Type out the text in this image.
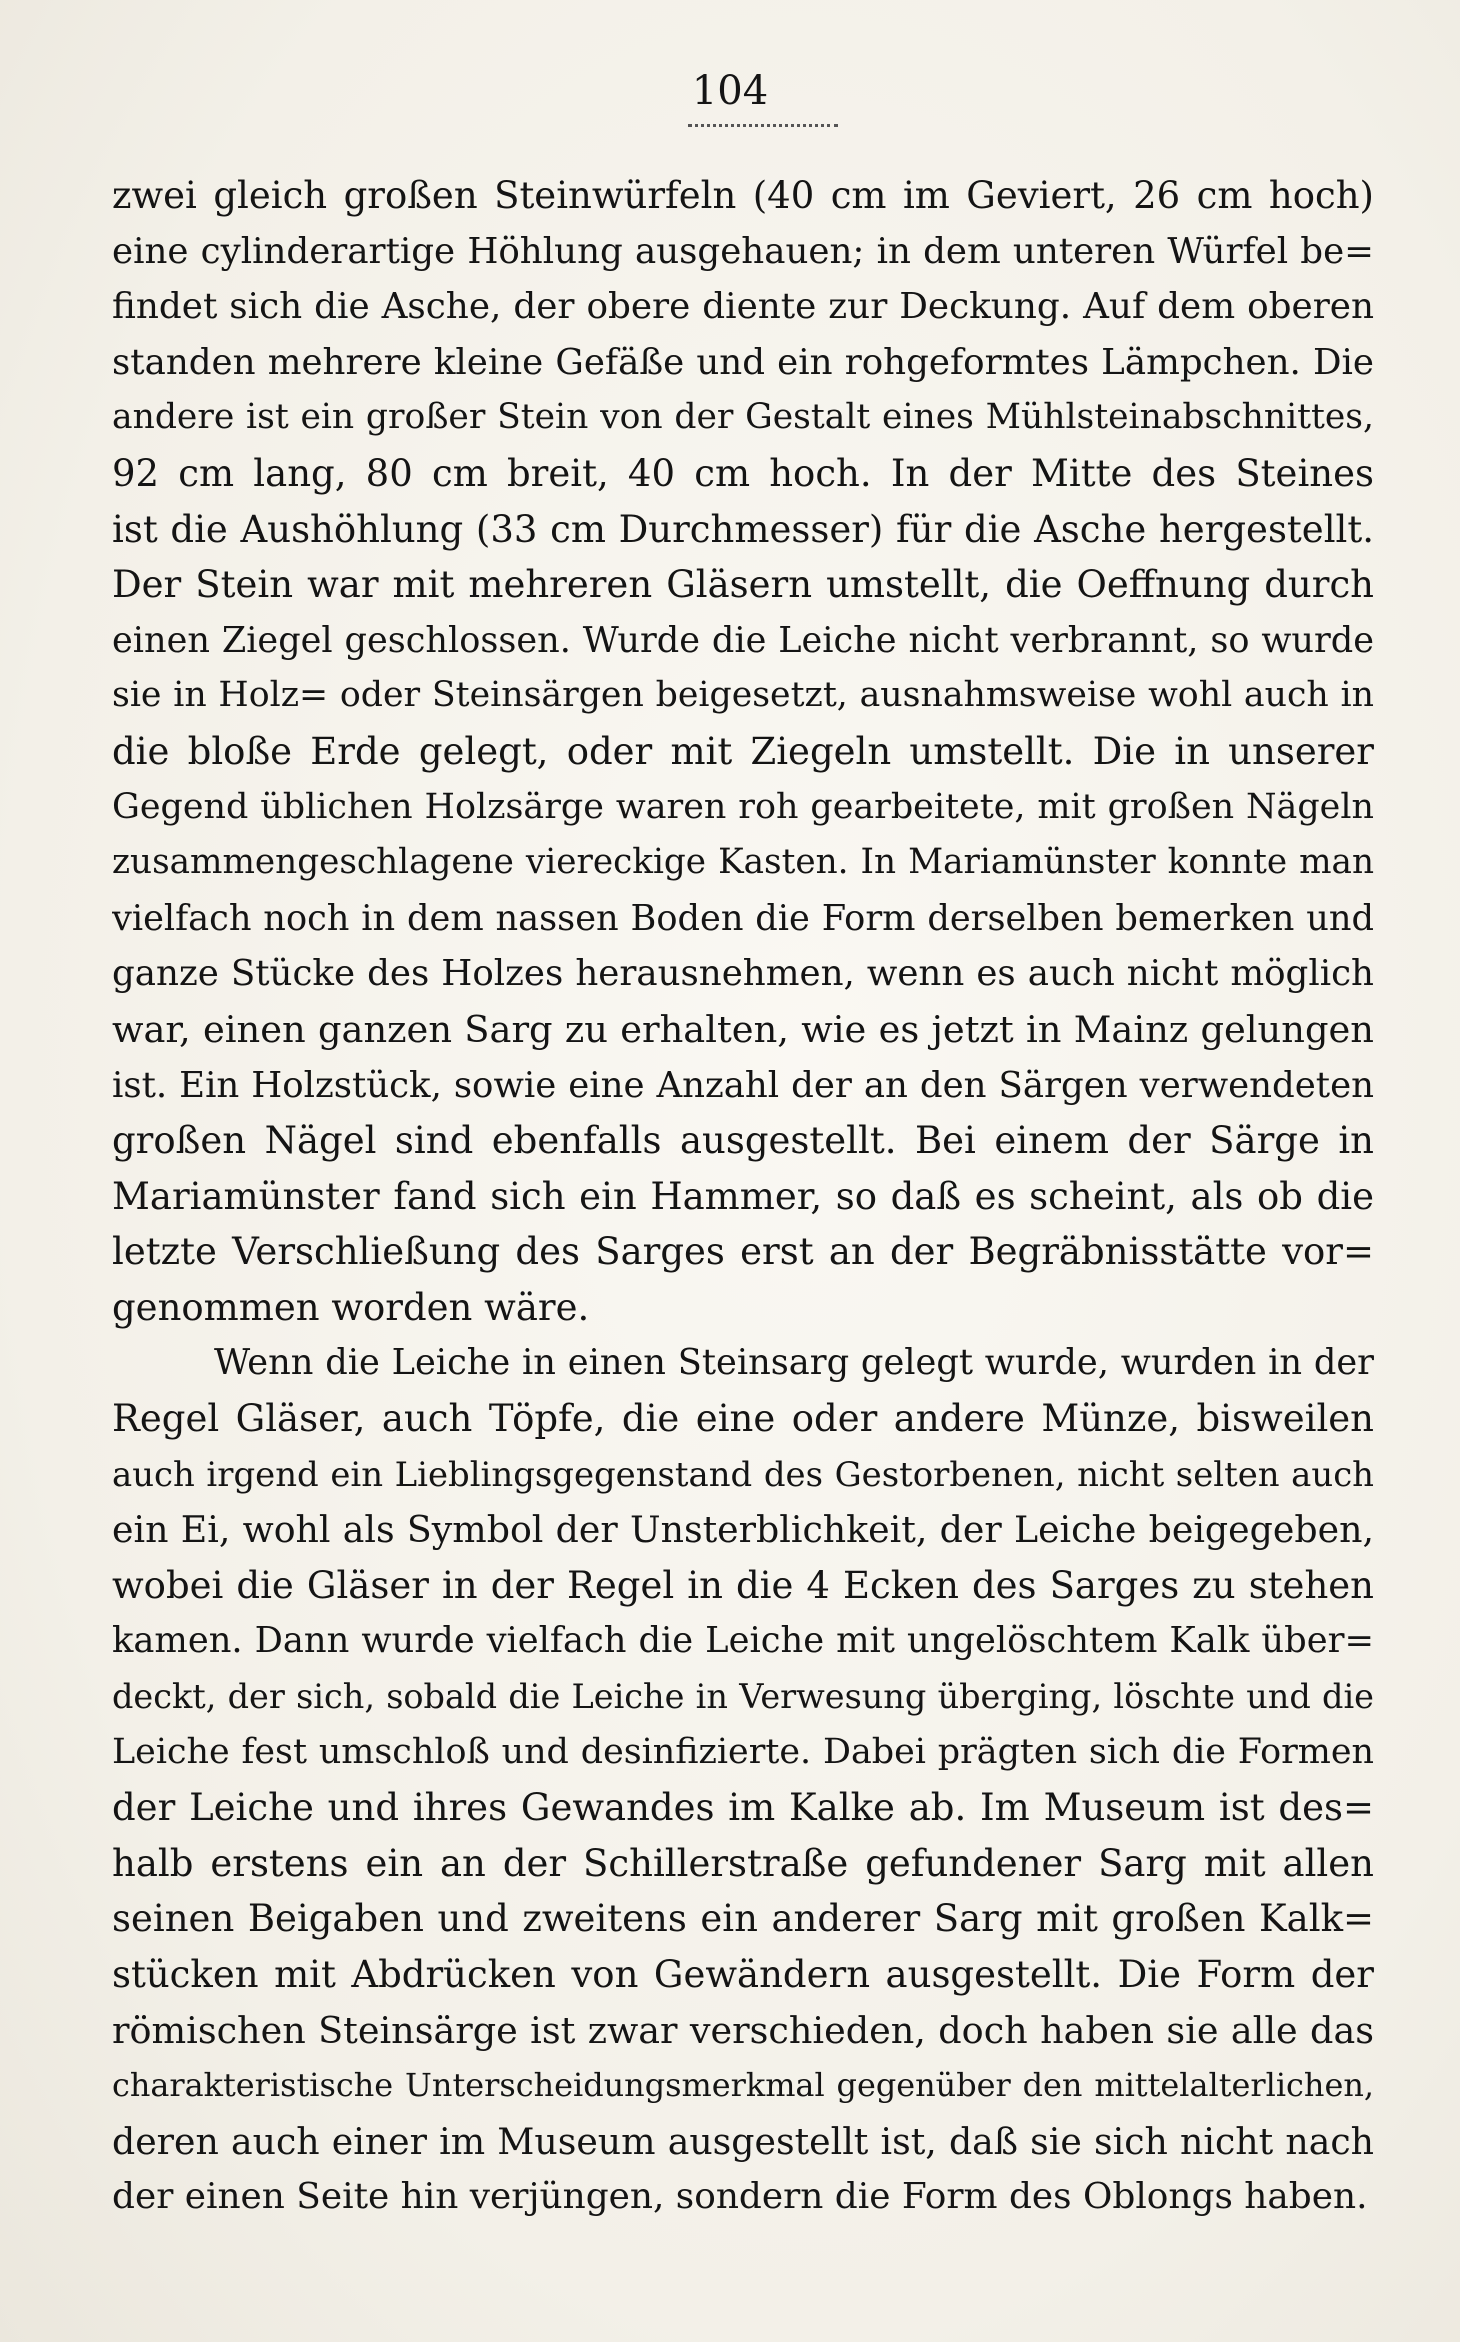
104
zwei gleich großen Steinwürfeln (40 cm im Geviert, 26 cm hoch)
eine cylinderartige Höhlung ausgehauen; in dem unteren Würfel be=
findet sich die Asche, der obere diente zur Deckung. Auf dem oberen
standen mehrere kleine Gefäße und ein rohgeformtes Lämpchen. Die
andere ist ein großer Stein von der Gestalt eines Mühlsteinabschnittes,
92 cm lang, 80 cm breit, 40 cm hoch. In der Mitte des Steines
ist die Aushöhlung (33 cm Durchmesser) für die Asche hergestellt.
Der Stein war mit mehreren Gläsern umstellt, die Oeffnung durch
einen Ziegel geschlossen. Wurde die Leiche nicht verbrannt, so wurde
sie in Holz= oder Steinsärgen beigesetzt, ausnahmsweise wohl auch in
die bloße Erde gelegt, oder mit Ziegeln umstellt. Die in unserer
Gegend üblichen Holzsärge waren roh gearbeitete, mit großen Nägeln
zusammengeschlagene viereckige Kasten. In Mariamünster konnte man
vielfach noch in dem nassen Boden die Form derselben bemerken und
ganze Stücke des Holzes herausnehmen, wenn es auch nicht möglich
war, einen ganzen Sarg zu erhalten, wie es jetzt in Mainz gelungen
ist. Ein Holzstück, sowie eine Anzahl der an den Särgen verwendeten
großen Nägel sind ebenfalls ausgestellt. Bei einem der Särge in
Mariamünster fand sich ein Hammer, so daß es scheint, als ob die
letzte Verschließung des Sarges erst an der Begräbnisstätte vor=
genommen worden wäre.
Wenn die Leiche in einen Steinsarg gelegt wurde, wurden in der
Regel Gläser, auch Töpfe, die eine oder andere Münze, bisweilen
auch irgend ein Lieblingsgegenstand des Gestorbenen, nicht selten auch
ein Ei, wohl als Symbol der Unsterblichkeit, der Leiche beigegeben,
wobei die Gläser in der Regel in die 4 Ecken des Sarges zu stehen
kamen. Dann wurde vielfach die Leiche mit ungelöschtem Kalk über=
deckt, der sich, sobald die Leiche in Verwesung überging, löschte und die
Leiche fest umschloß und desinfizierte. Dabei prägten sich die Formen
der Leiche und ihres Gewandes im Kalke ab. Im Museum ist des=
halb erstens ein an der Schillerstraße gefundener Sarg mit allen
seinen Beigaben und zweitens ein anderer Sarg mit großen Kalk=
stücken mit Abdrücken von Gewändern ausgestellt. Die Form der
römischen Steinsärge ist zwar verschieden, doch haben sie alle das
charakteristische Unterscheidungsmerkmal gegenüber den mittelalterlichen,
deren auch einer im Museum ausgestellt ist, daß sie sich nicht nach
der einen Seite hin verjüngen, sondern die Form des Oblongs haben.
